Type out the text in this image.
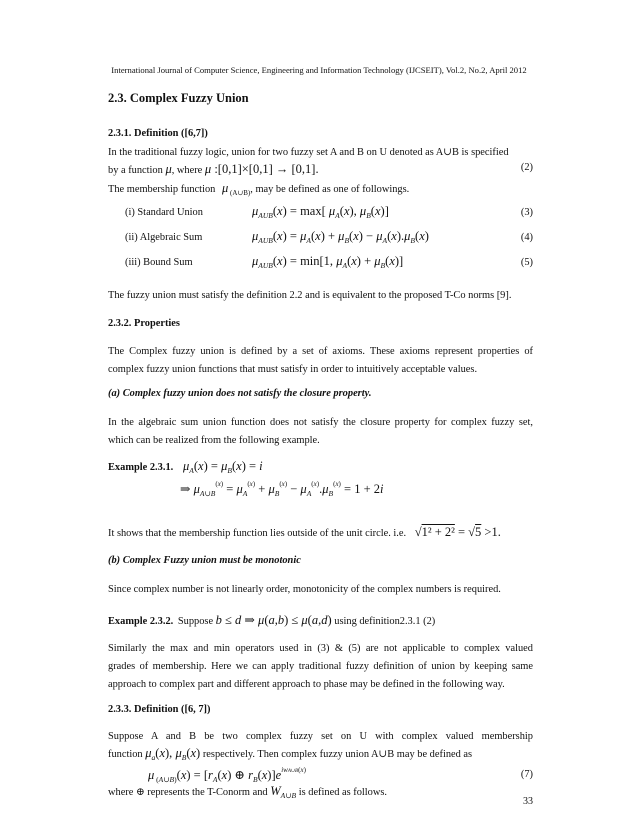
International Journal of Computer Science, Engineering and Information Technology (IJCSEIT), Vol.2, No.2, April 2012
2.3. Complex Fuzzy Union
2.3.1. Definition ([6,7])
In the traditional fuzzy logic, union for two fuzzy set A and B on U denoted as A∪B is specified
by a function μ, where μ :[0,1]×[0,1] → [0,1].	(2)
The membership function μ $_{(A\cup B)}$, may be defined as one of followings.
(i) Standard Union	$\mu_{AUB}(x) = \max$[ $\mu_A(x)$, $\mu_B(x)$]	(3)
(ii) Algebraic Sum	$\mu_{AUB}(x) = \mu_A(x) + \mu_B(x) - \mu_A(x).\mu_B(x)$	(4)
(iii) Bound Sum	$\mu_{AUB}(x) = \min[1$, $\mu_A(x) + \mu_B(x)$]	(5)
The fuzzy union must satisfy the definition 2.2 and is equivalent to the proposed T-Co norms [9].
2.3.2. Properties
The Complex fuzzy union is defined by a set of axioms. These axioms represent properties of
complex fuzzy union functions that must satisfy in order to intuitively acceptable values.
(a) Complex fuzzy union does not satisfy the closure property.
In the algebraic sum union function does not satisfy the closure property for complex fuzzy set,
which can be realized from the following example.
Example 2.3.1. $\mu_A(x) = \mu_B(x) = i$
⇒ $\mu_{A\cup B}^{(x)} = \mu_A^{(x)} + \mu_B^{(x)} - \mu_A^{(x)}.\mu_B^{(x)} = 1 + 2i$
It shows that the membership function lies outside of the unit circle. i.e. √1² + 2² = √5 >1.
(b) Complex Fuzzy union must be monotonic
Since complex number is not linearly order, monotonicity of the complex numbers is required.
Example 2.3.2. Suppose b ≤ d ⇒ μ(a,b) ≤ μ(a,d) using definition2.3.1 (2)
Similarly the max and min operators used in (3) & (5) are not applicable to complex valued
grades of membership. Here we can apply traditional fuzzy definition of union by keeping same
approach to complex part and different approach to phase may be defined in the following way.
2.3.3. Definition ([6, 7])
Suppose A and B be two complex fuzzy set on U with complex valued membership
function $\mu_a(x)$, $\mu_B(x)$ respectively. Then complex fuzzy union A∪B may be defined as
μ $_{(A\cup B)}(x) = [r_A(x)$ ⊕ $r_B(x)]e^{iwA\cup B(x)}$	(7)
where ⊕ represents the T-Conorm and $W_{A\cup B}$ is defined as follows.
33
